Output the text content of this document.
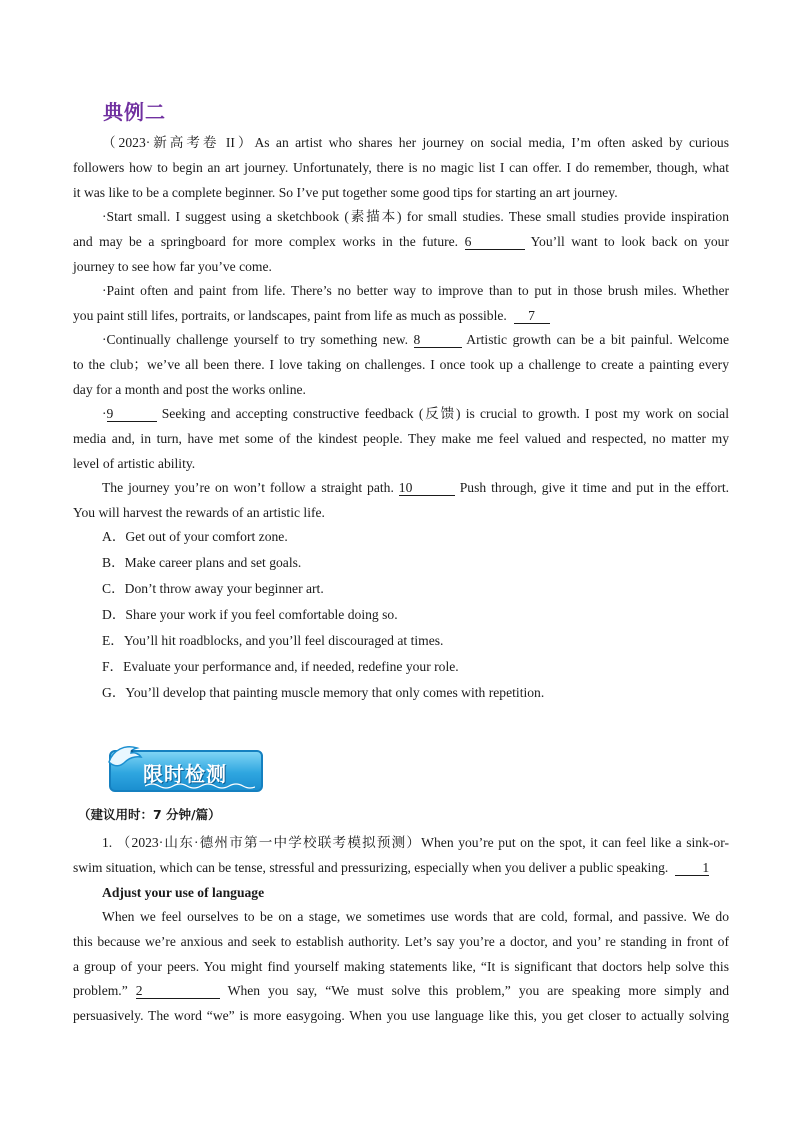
典例二
（2023·新高考卷 II）As an artist who shares her journey on social media, I’m often asked by curious
followers how to begin an art journey. Unfortunately, there is no magic list I can offer. I do remember, though, what
it was like to be a complete beginner. So I’ve put together some good tips for starting an art journey.
·Start small. I suggest using a sketchbook (素描本) for small studies. These small studies provide inspiration
and may be a springboard for more complex works in the future. 6	You’ll want to look back on your
journey to see how far you’ve come.
·Paint often and paint from life. There’s no better way to improve than to put in those brush miles. Whether
you paint still lifes, portraits, or landscapes, paint from life as much as possible. 7
·Continually challenge yourself to try something new. 8	Artistic growth can be a bit painful. Welcome
to the club；we’ve all been there. I love taking on challenges. I once took up a challenge to create a painting every
day for a month and post the works online.
·9	Seeking and accepting constructive feedback (反馈) is crucial to growth. I post my work on social
media and, in turn, have met some of the kindest people. They make me feel valued and respected, no matter my
level of artistic ability.
The journey you’re on won’t follow a straight path. 10	Push through, give it time and put in the effort.
You will harvest the rewards of an artistic life.
A．Get out of your comfort zone.
B．Make career plans and set goals.
C．Don’t throw away your beginner art.
D．Share your work if you feel comfortable doing so.
E．You’ll hit roadblocks, and you’ll feel discouraged at times.
F．Evaluate your performance and, if needed, redefine your role.
G．You’ll develop that painting muscle memory that only comes with repetition.
限时检测
（建议用时：7 分钟/篇）
1. （2023·山东·德州市第一中学校联考模拟预测）When you’re put on the spot, it can feel like a sink-or-
swim situation, which can be tense, stressful and pressurizing, especially when you deliver a public speaking.	1
Adjust your use of language
When we feel ourselves to be on a stage, we sometimes use words that are cold, formal, and passive. We do
this because we’re anxious and seek to establish authority. Let’s say you’re a doctor, and you’ re standing in front of
a group of your peers. You might find yourself making statements like, “It is significant that doctors help solve this
problem.” 2	When you say, “We must solve this problem,” you are speaking more simply and
persuasively. The word “we” is more easygoing. When you use language like this, you get closer to actually solving
